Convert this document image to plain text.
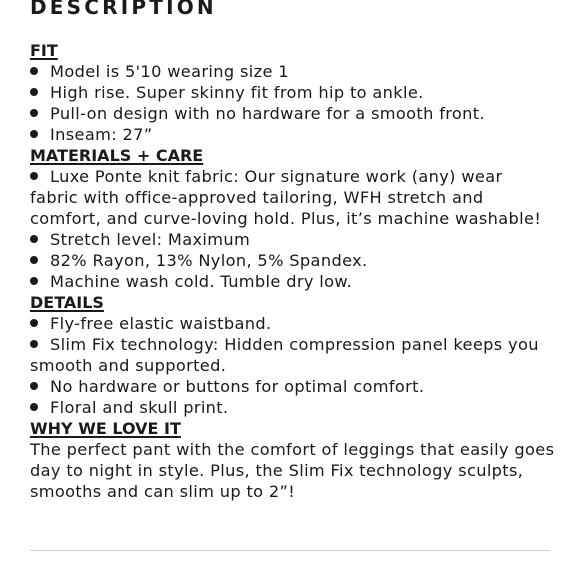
DESCRIPTION
FIT
Model is 5'10 wearing size 1
High rise. Super skinny fit from hip to ankle.
Pull-on design with no hardware for a smooth front.
Inseam: 27”
MATERIALS + CARE
Luxe Ponte knit fabric: Our signature work (any) wear fabric with office-approved tailoring, WFH stretch and comfort, and curve-loving hold. Plus, it’s machine washable!
Stretch level: Maximum
82% Rayon, 13% Nylon, 5% Spandex.
Machine wash cold. Tumble dry low.
DETAILS
Fly-free elastic waistband.
Slim Fix technology: Hidden compression panel keeps you smooth and supported.
No hardware or buttons for optimal comfort.
Floral and skull print.
WHY WE LOVE IT

The perfect pant with the comfort of leggings that easily goes day to night in style. Plus, the Slim Fix technology sculpts, smooths and can slim up to 2”!
